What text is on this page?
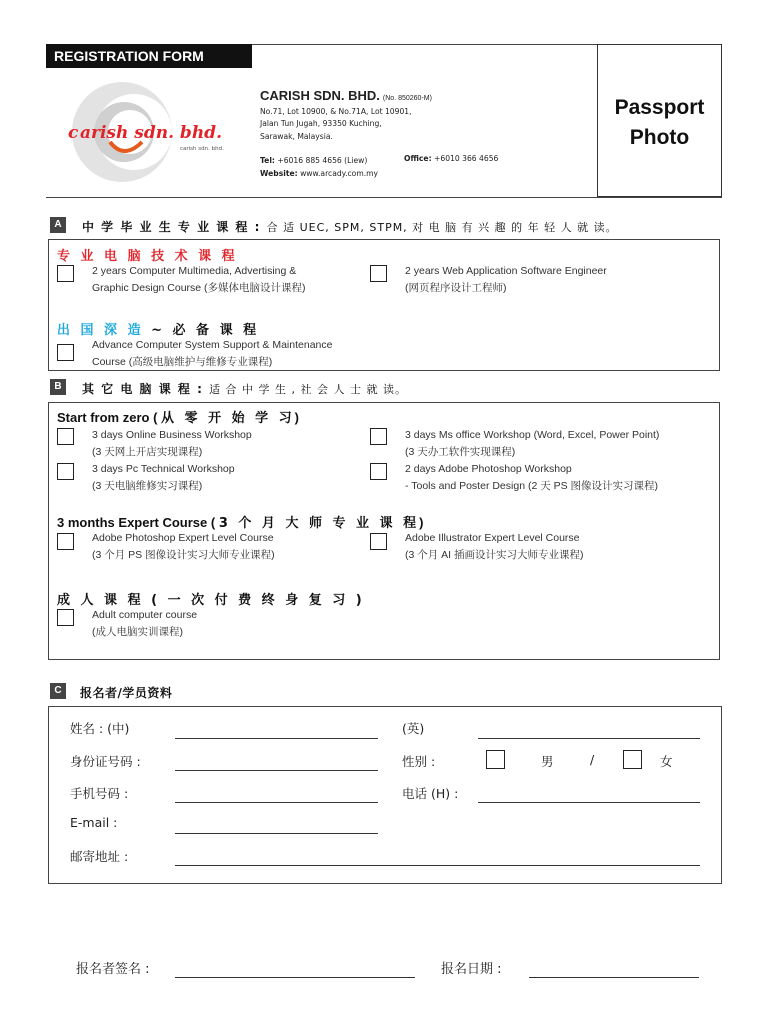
REGISTRATION FORM
c arish sdn. bhd.
carish sdn. bhd.
CARISH SDN. BHD. (No. 850260-M)
No.71, Lot 10900, & No.71A, Lot 10901,
Jalan Tun Jugah, 93350 Kuching,
Sarawak, Malaysia.
Tel: +6016 885 4656 (Liew)
Website: www.arcady.com.my
Office: +6010 366 4656
Passport
Photo
A	中 学 毕 业 生 专 业 课 程 : 合 适 UEC, SPM, STPM, 对 电 脑 有 兴 趣 的 年 轻 人 就 读。
专 业 电 脑 技 术 课 程
2 years Computer Multimedia, Advertising &
Graphic Design Course (多媒体电脑设计课程)
2 years Web Application Software Engineer
(网页程序设计工程师)
出 国 深 造 ~ 必 备 课 程
Advance Computer System Support & Maintenance
Course (高级电脑维护与维修专业课程)
B	其 它 电 脑 课 程 : 适 合 中 学 生 , 社 会 人 士 就 读。
Start from zero ( 从 零 开 始 学 习)
3 days Online Business Workshop
(3 天网上开店实现课程)
3 days Ms office Workshop (Word, Excel, Power Point)
(3 天办工软件实现课程)
3 days Pc Technical Workshop
(3 天电脑维修实习课程)
2 days Adobe Photoshop Workshop
- Tools and Poster Design (2 天 PS 图像设计实习课程)
3 months Expert Course ( 3 个 月 大 师 专 业 课 程)
Adobe Photoshop Expert Level Course
(3 个月 PS 图像设计实习大师专业课程)
Adobe Illustrator Expert Level Course
(3 个月 AI 插画设计实习大师专业课程)
成 人 课 程 ( 一 次 付 费 终 身 复 习 )
Adult computer course
(成人电脑实训课程)
C	报名者/学员资料
姓名 : (中)	(英)
身份证号码 :	性别 :	男	/	女
手机号码 :	电话 (H) :
E-mail :
邮寄地址 :
报名者签名 :	报名日期 :
